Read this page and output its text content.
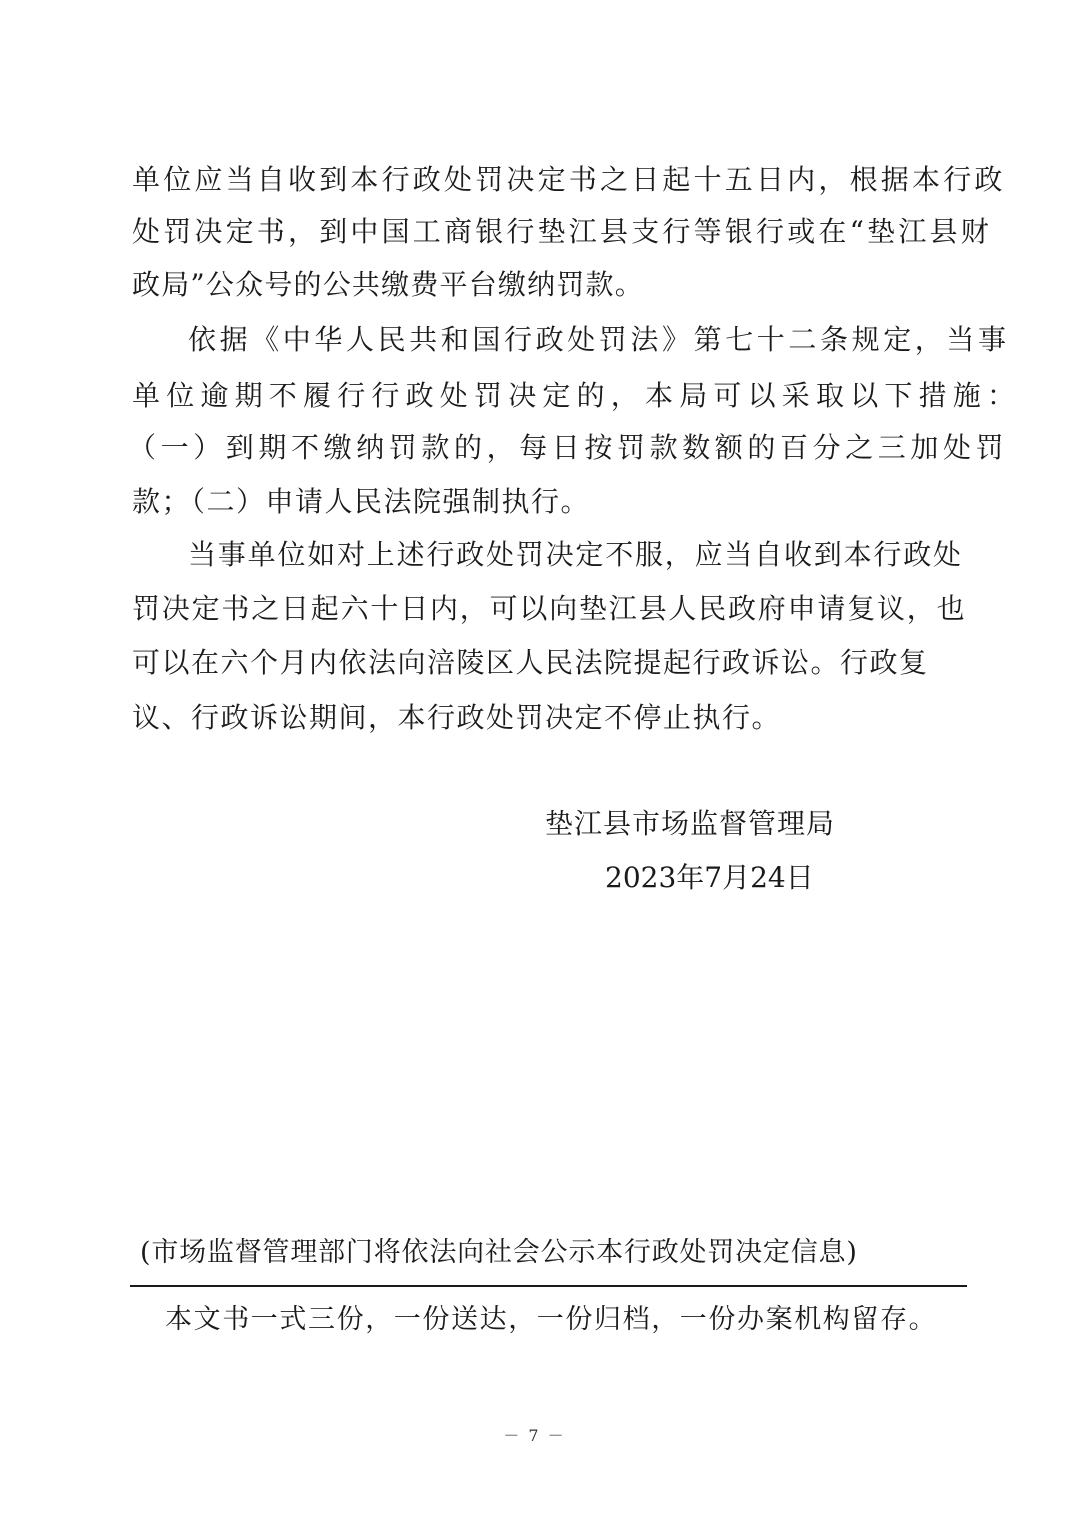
单位应当自收到本行政处罚决定书之日起十五日内，根据本行政
处罚决定书，到中国工商银行垫江县支行等银行或在“垫江县财
政局”公众号的公共缴费平台缴纳罚款。
依据《中华人民共和国行政处罚法》第七十二条规定，当事
单位逾期不履行行政处罚决定的，本局可以采取以下措施：
（一）到期不缴纳罚款的，每日按罚款数额的百分之三加处罚
款；（二）申请人民法院强制执行。
当事单位如对上述行政处罚决定不服，应当自收到本行政处
罚决定书之日起六十日内，可以向垫江县人民政府申请复议，也
可以在六个月内依法向涪陵区人民法院提起行政诉讼。行政复
议、行政诉讼期间，本行政处罚决定不停止执行。
垫江县市场监督管理局
2023年7月24日
(市场监督管理部门将依法向社会公示本行政处罚决定信息)
本文书一式三份，一份送达，一份归档，一份办案机构留存。
－ 7 －
